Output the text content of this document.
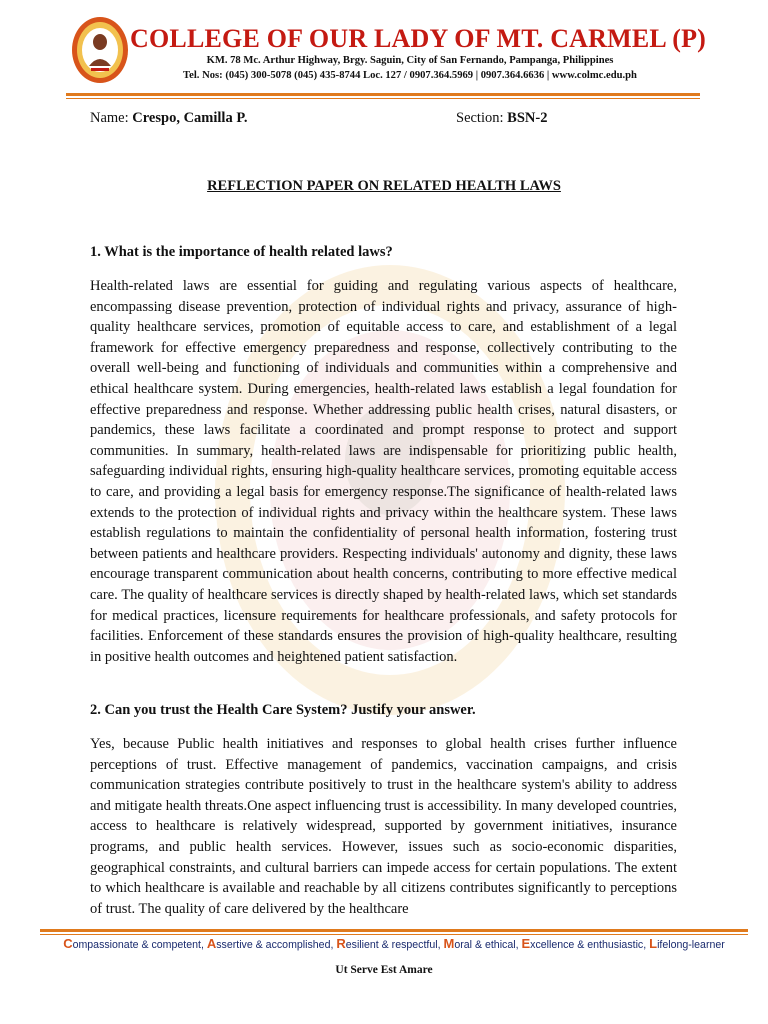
COLLEGE OF OUR LADY OF MT. CARMEL (P)
KM. 78 Mc. Arthur Highway, Brgy. Saguin, City of San Fernando, Pampanga, Philippines
Tel. Nos: (045) 300-5078 (045) 435-8744 Loc. 127 / 0907.364.5969 | 0907.364.6636 | www.colmc.edu.ph
Name: Crespo, Camilla P.	Section: BSN-2
REFLECTION PAPER ON RELATED HEALTH LAWS
1. What is the importance of health related laws?

Health-related laws are essential for guiding and regulating various aspects of healthcare, encompassing disease prevention, protection of individual rights and privacy, assurance of high-quality healthcare services, promotion of equitable access to care, and establishment of a legal framework for effective emergency preparedness and response, collectively contributing to the overall well-being and functioning of individuals and communities within a comprehensive and ethical healthcare system. During emergencies, health-related laws establish a legal foundation for effective preparedness and response. Whether addressing public health crises, natural disasters, or pandemics, these laws facilitate a coordinated and prompt response to protect and support communities. In summary, health-related laws are indispensable for prioritizing public health, safeguarding individual rights, ensuring high-quality healthcare services, promoting equitable access to care, and providing a legal basis for emergency response.The significance of health-related laws extends to the protection of individual rights and privacy within the healthcare system. These laws establish regulations to maintain the confidentiality of personal health information, fostering trust between patients and healthcare providers. Respecting individuals' autonomy and dignity, these laws encourage transparent communication about health concerns, contributing to more effective medical care. The quality of healthcare services is directly shaped by health-related laws, which set standards for medical practices, licensure requirements for healthcare professionals, and safety protocols for facilities. Enforcement of these standards ensures the provision of high-quality healthcare, resulting in positive health outcomes and heightened patient satisfaction.

2. Can you trust the Health Care System? Justify your answer.

Yes, because Public health initiatives and responses to global health crises further influence perceptions of trust. Effective management of pandemics, vaccination campaigns, and crisis communication strategies contribute positively to trust in the healthcare system's ability to address and mitigate health threats.One aspect influencing trust is accessibility. In many developed countries, access to healthcare is relatively widespread, supported by government initiatives, insurance programs, and public health services. However, issues such as socio-economic disparities, geographical constraints, and cultural barriers can impede access for certain populations. The extent to which healthcare is available and reachable by all citizens contributes significantly to perceptions of trust. The quality of care delivered by the healthcare

Compassionate & competent, Assertive & accomplished, Resilient & respectful, Moral & ethical, Excellence & enthusiastic, Lifelong-learner
Ut Serve Est Amare
